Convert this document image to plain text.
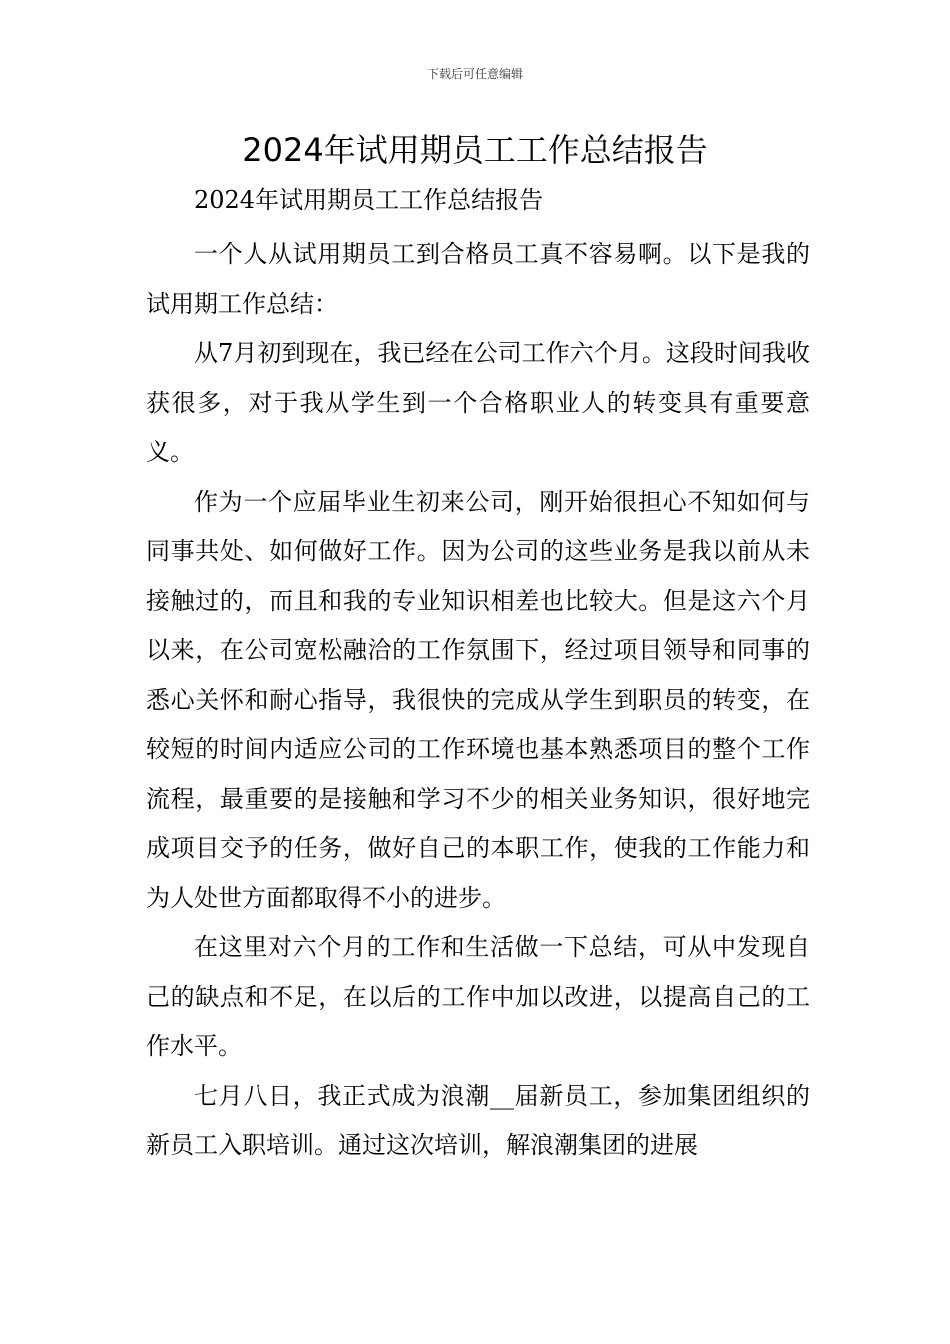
下载后可任意编辑
2024年试用期员工工作总结报告

2024年试用期员工工作总结报告

一个人从试用期员工到合格员工真不容易啊。以下是我的试用期工作总结：

从7月初到现在，我已经在公司工作六个月。这段时间我收获很多，对于我从学生到一个合格职业人的转变具有重要意义。

作为一个应届毕业生初来公司，刚开始很担心不知如何与同事共处、如何做好工作。因为公司的这些业务是我以前从未接触过的，而且和我的专业知识相差也比较大。但是这六个月以来，在公司宽松融洽的工作氛围下，经过项目领导和同事的悉心关怀和耐心指导，我很快的完成从学生到职员的转变，在较短的时间内适应公司的工作环境也基本熟悉项目的整个工作流程，最重要的是接触和学习不少的相关业务知识，很好地完成项目交予的任务，做好自己的本职工作，使我的工作能力和为人处世方面都取得不小的进步。

在这里对六个月的工作和生活做一下总结，可从中发现自己的缺点和不足，在以后的工作中加以改进，以提高自己的工作水平。

七月八日，我正式成为浪潮__届新员工，参加集团组织的新员工入职培训。通过这次培训，解浪潮集团的进展
